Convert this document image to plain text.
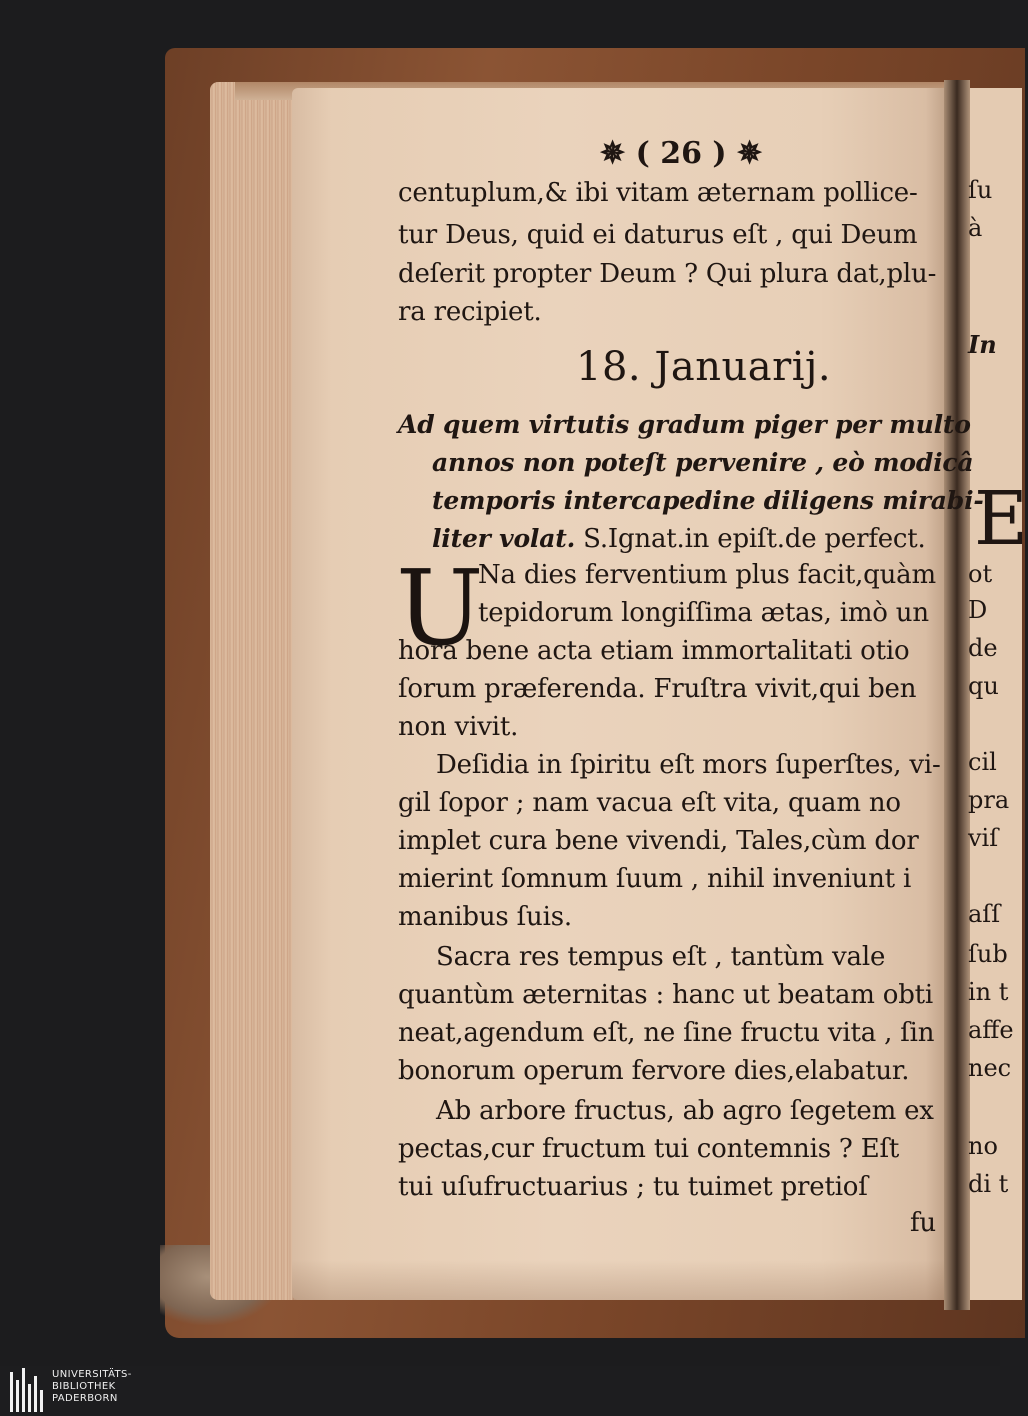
✵ ( 26 ) ✵
centuplum,& ibi vitam æternam pollice-
tur Deus, quid ei daturus eſt , qui Deum
deſerit propter Deum ? Qui plura dat,plu-
ra recipiet.
18. Januarij.
Ad quem virtutis gradum piger per multo
annos non poteſt pervenire , eò modicâ
temporis intercapedine diligens mirabi-
liter volat. S.Ignat.in epiſt.de perfect.
U
Na dies ferventium plus facit,quàm
tepidorum longiſſima ætas, imò un
hora bene acta etiam immortalitati otio
ſorum præferenda. Fruſtra vivit,qui ben
non vivit.
Deſidia in ſpiritu eſt mors ſuperſtes, vi-
gil ſopor ; nam vacua eſt vita, quam no
implet cura bene vivendi, Tales,cùm dor
mierint ſomnum ſuum , nihil inveniunt i
manibus ſuis.
Sacra res tempus eſt , tantùm vale
quantùm æternitas : hanc ut beatam obti
neat,agendum eſt, ne ſine fructu vita , ſin
bonorum operum fervore dies,elabatur.
Ab arbore fructus, ab agro ſegetem ex
pectas,cur fructum tui contemnis ? Eſt
tui uſufructuarius ; tu tuimet pretioſ
fu
ſu
à
In
E
ot
D
de
qu
cil
pra
viſ
aſſ
ſub
in t
affe
nec
no
di t
UNIVERSITÄTS-
BIBLIOTHEK
PADERBORN
